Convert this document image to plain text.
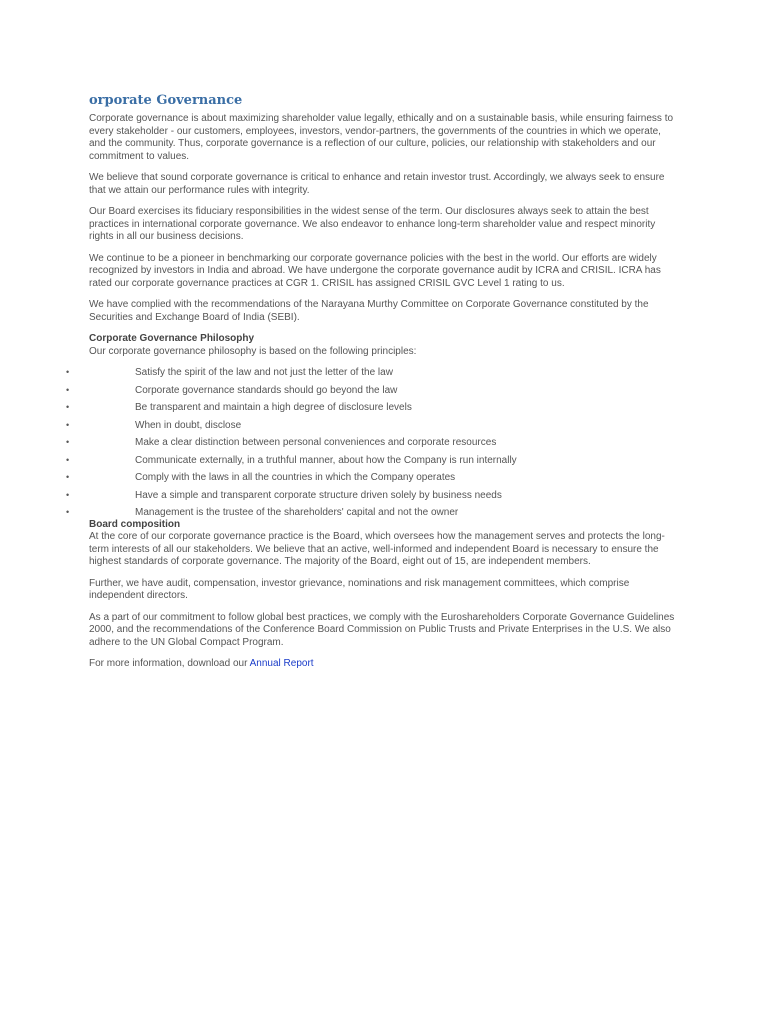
orporate Governance

Corporate governance is about maximizing shareholder value legally, ethically and on a sustainable basis, while ensuring fairness to every stakeholder - our customers, employees, investors, vendor-partners, the governments of the countries in which we operate, and the community. Thus, corporate governance is a reflection of our culture, policies, our relationship with stakeholders and our commitment to values.

We believe that sound corporate governance is critical to enhance and retain investor trust. Accordingly, we always seek to ensure that we attain our performance rules with integrity.

Our Board exercises its fiduciary responsibilities in the widest sense of the term. Our disclosures always seek to attain the best practices in international corporate governance. We also endeavor to enhance long-term shareholder value and respect minority rights in all our business decisions.

We continue to be a pioneer in benchmarking our corporate governance policies with the best in the world. Our efforts are widely recognized by investors in India and abroad. We have undergone the corporate governance audit by ICRA and CRISIL. ICRA has rated our corporate governance practices at CGR 1. CRISIL has assigned CRISIL GVC Level 1 rating to us.

We have complied with the recommendations of the Narayana Murthy Committee on Corporate Governance constituted by the Securities and Exchange Board of India (SEBI).

Corporate Governance Philosophy
Our corporate governance philosophy is based on the following principles:
•	Satisfy the spirit of the law and not just the letter of the law
•	Corporate governance standards should go beyond the law
•	Be transparent and maintain a high degree of disclosure levels
•	When in doubt, disclose
•	Make a clear distinction between personal conveniences and corporate resources
•	Communicate externally, in a truthful manner, about how the Company is run internally
•	Comply with the laws in all the countries in which the Company operates
•	Have a simple and transparent corporate structure driven solely by business needs
•	Management is the trustee of the shareholders' capital and not the owner
Board composition

At the core of our corporate governance practice is the Board, which oversees how the management serves and protects the long-term interests of all our stakeholders. We believe that an active, well-informed and independent Board is necessary to ensure the highest standards of corporate governance. The majority of the Board, eight out of 15, are independent members.

Further, we have audit, compensation, investor grievance, nominations and risk management committees, which comprise independent directors.

As a part of our commitment to follow global best practices, we comply with the Euroshareholders Corporate Governance Guidelines 2000, and the recommendations of the Conference Board Commission on Public Trusts and Private Enterprises in the U.S. We also adhere to the UN Global Compact Program.

For more information, download our Annual Report
